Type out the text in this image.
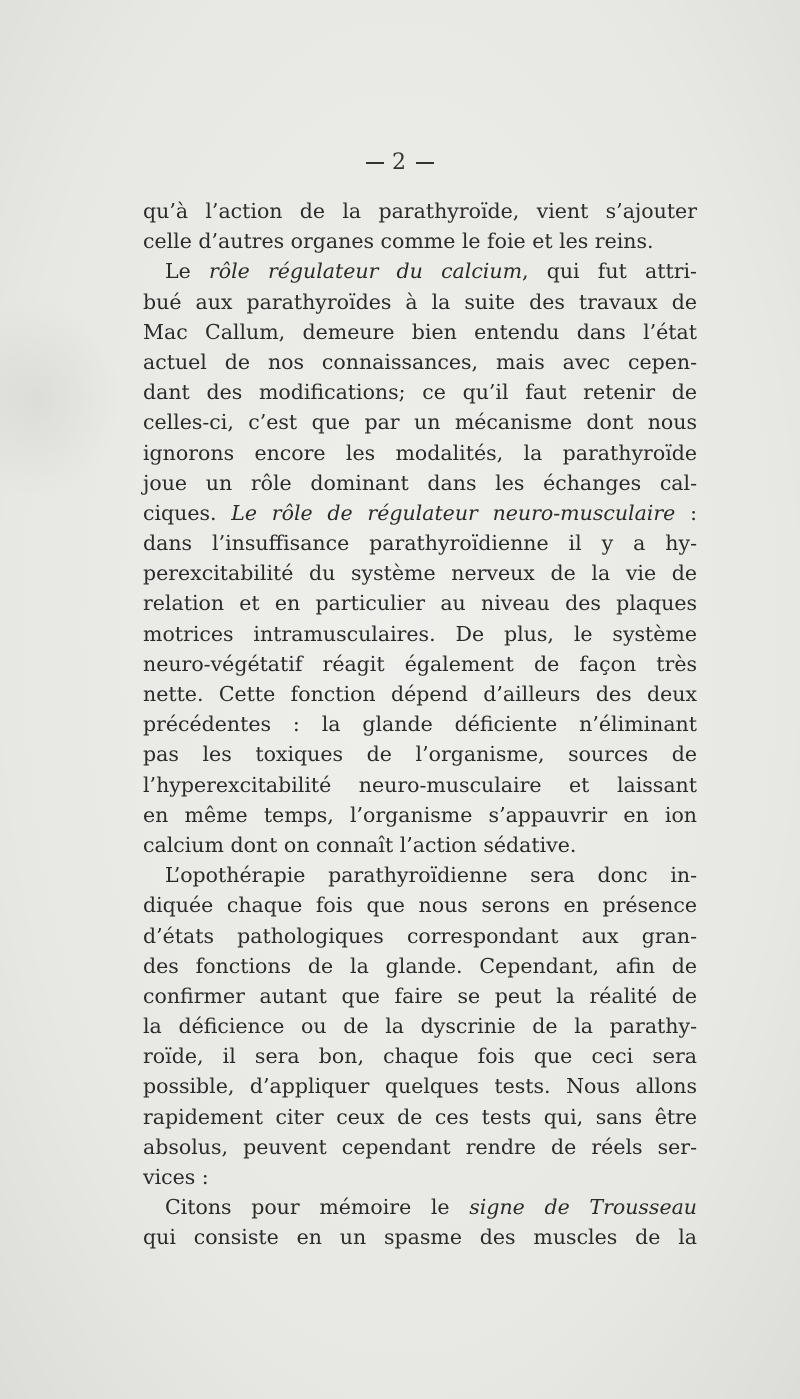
2
qu’à l’action de la parathyroïde, vient s’ajouter
celle d’autres organes comme le foie et les reins.
Le rôle régulateur du calcium, qui fut attri-
bué aux parathyroïdes à la suite des travaux de
Mac Callum, demeure bien entendu dans l’état
actuel de nos connaissances, mais avec cepen-
dant des modifications; ce qu’il faut retenir de
celles-ci, c’est que par un mécanisme dont nous
ignorons encore les modalités, la parathyroïde
joue un rôle dominant dans les échanges cal-
ciques. Le rôle de régulateur neuro-musculaire :
dans l’insuffisance parathyroïdienne il y a hy-
perexcitabilité du système nerveux de la vie de
relation et en particulier au niveau des plaques
motrices intramusculaires. De plus, le système
neuro-végétatif réagit également de façon très
nette. Cette fonction dépend d’ailleurs des deux
précédentes : la glande déficiente n’éliminant
pas les toxiques de l’organisme, sources de
l’hyperexcitabilité neuro-musculaire et laissant
en même temps, l’organisme s’appauvrir en ion
calcium dont on connaît l’action sédative.
L’opothérapie parathyroïdienne sera donc in-
diquée chaque fois que nous serons en présence
d’états pathologiques correspondant aux gran-
des fonctions de la glande. Cependant, afin de
confirmer autant que faire se peut la réalité de
la déficience ou de la dyscrinie de la parathy-
roïde, il sera bon, chaque fois que ceci sera
possible, d’appliquer quelques tests. Nous allons
rapidement citer ceux de ces tests qui, sans être
absolus, peuvent cependant rendre de réels ser-
vices :
Citons pour mémoire le signe de Trousseau
qui consiste en un spasme des muscles de la
